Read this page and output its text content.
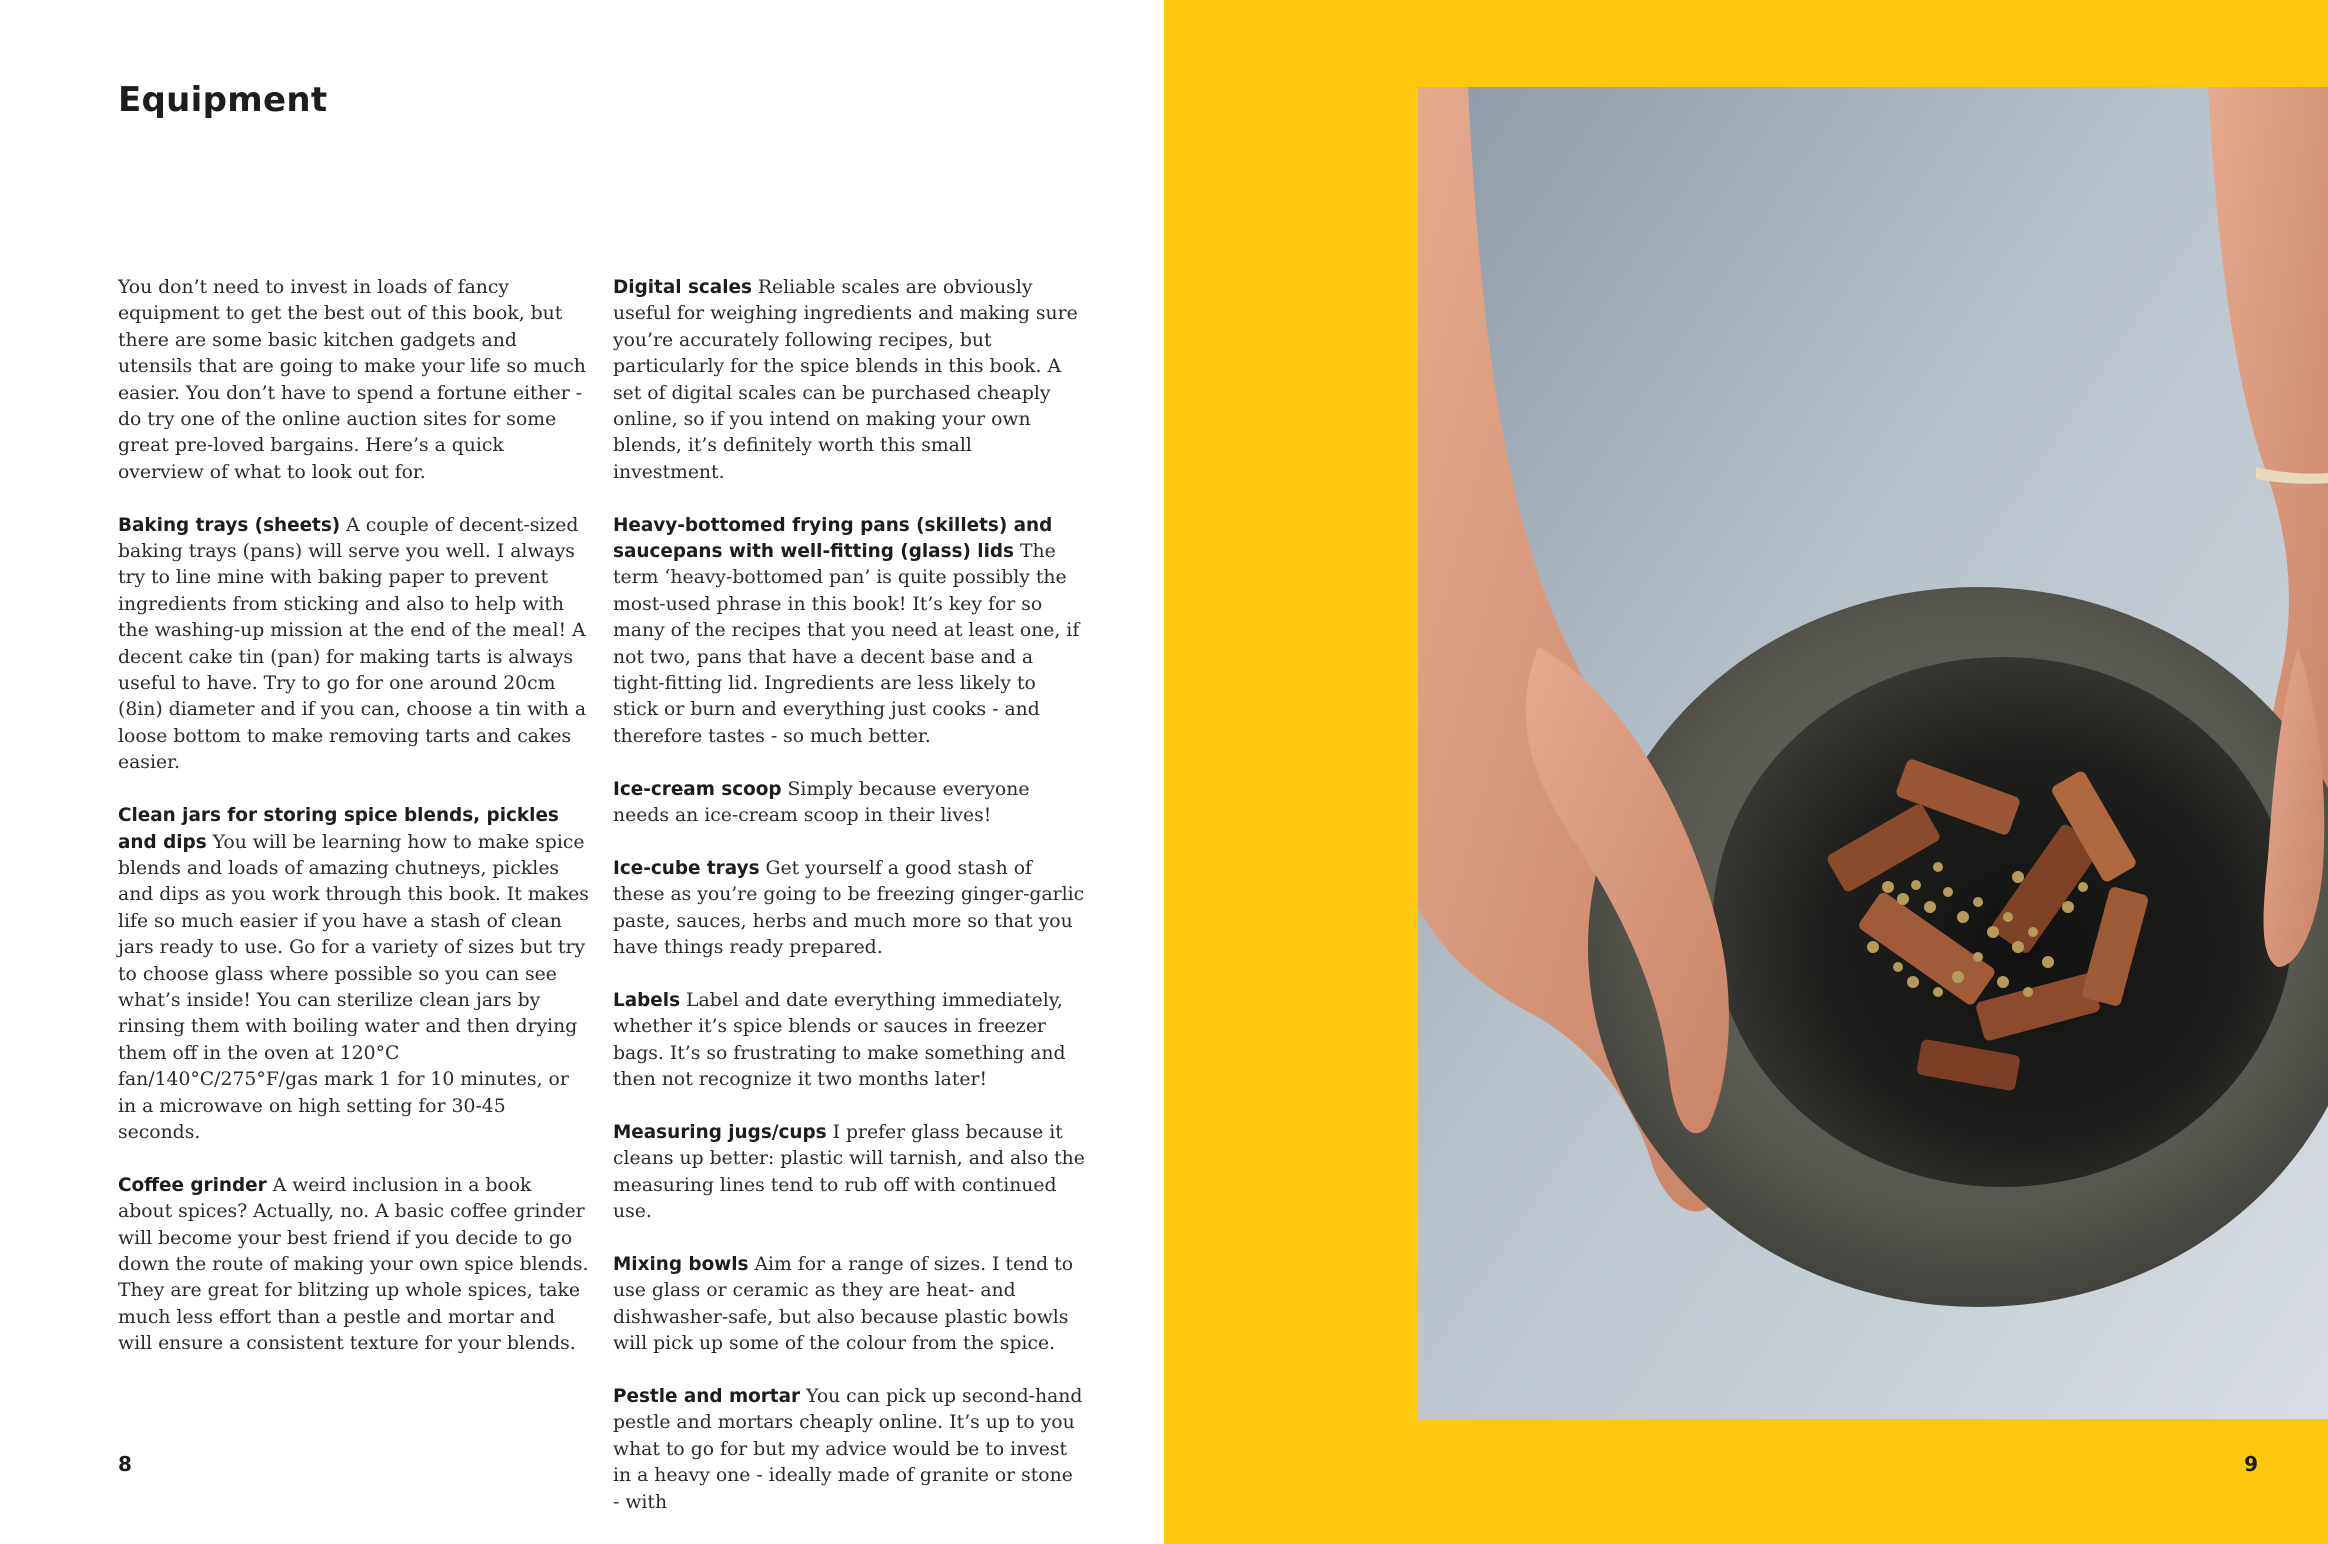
Equipment

You don’t need to invest in loads of fancy equipment to get the best out of this book, but there are some basic kitchen gadgets and utensils that are going to make your life so much easier. You don’t have to spend a fortune either - do try one of the online auction sites for some great pre-loved bargains. Here’s a quick overview of what to look out for.

Baking trays (sheets) A couple of decent-sized baking trays (pans) will serve you well. I always try to line mine with baking paper to prevent ingredients from sticking and also to help with the washing-up mission at the end of the meal! A decent cake tin (pan) for making tarts is always useful to have. Try to go for one around 20cm (8in) diameter and if you can, choose a tin with a loose bottom to make removing tarts and cakes easier.

Clean jars for storing spice blends, pickles and dips You will be learning how to make spice blends and loads of amazing chutneys, pickles and dips as you work through this book. It makes life so much easier if you have a stash of clean jars ready to use. Go for a variety of sizes but try to choose glass where possible so you can see what’s inside! You can sterilize clean jars by rinsing them with boiling water and then drying them off in the oven at 120°C fan/140°C/275°F/gas mark 1 for 10 minutes, or in a microwave on high setting for 30-45 seconds.

Coffee grinder A weird inclusion in a book about spices? Actually, no. A basic coffee grinder will become your best friend if you decide to go down the route of making your own spice blends. They are great for blitzing up whole spices, take much less effort than a pestle and mortar and will ensure a consistent texture for your blends.

Digital scales Reliable scales are obviously useful for weighing ingredients and making sure you’re accurately following recipes, but particularly for the spice blends in this book. A set of digital scales can be purchased cheaply online, so if you intend on making your own blends, it’s definitely worth this small investment.

Heavy-bottomed frying pans (skillets) and saucepans with well-fitting (glass) lids The term ‘heavy-bottomed pan’ is quite possibly the most-used phrase in this book! It’s key for so many of the recipes that you need at least one, if not two, pans that have a decent base and a tight-fitting lid. Ingredients are less likely to stick or burn and everything just cooks - and therefore tastes - so much better.

Ice-cream scoop Simply because everyone needs an ice-cream scoop in their lives!

Ice-cube trays Get yourself a good stash of these as you’re going to be freezing ginger-garlic paste, sauces, herbs and much more so that you have things ready prepared.

Labels Label and date everything immediately, whether it’s spice blends or sauces in freezer bags. It’s so frustrating to make something and then not recognize it two months later!

Measuring jugs/cups I prefer glass because it cleans up better: plastic will tarnish, and also the measuring lines tend to rub off with continued use.

Mixing bowls Aim for a range of sizes. I tend to use glass or ceramic as they are heat- and dishwasher-safe, but also because plastic bowls will pick up some of the colour from the spice.

Pestle and mortar You can pick up second-hand pestle and mortars cheaply online. It’s up to you what to go for but my advice would be to invest in a heavy one - ideally made of granite or stone - with

8	9
